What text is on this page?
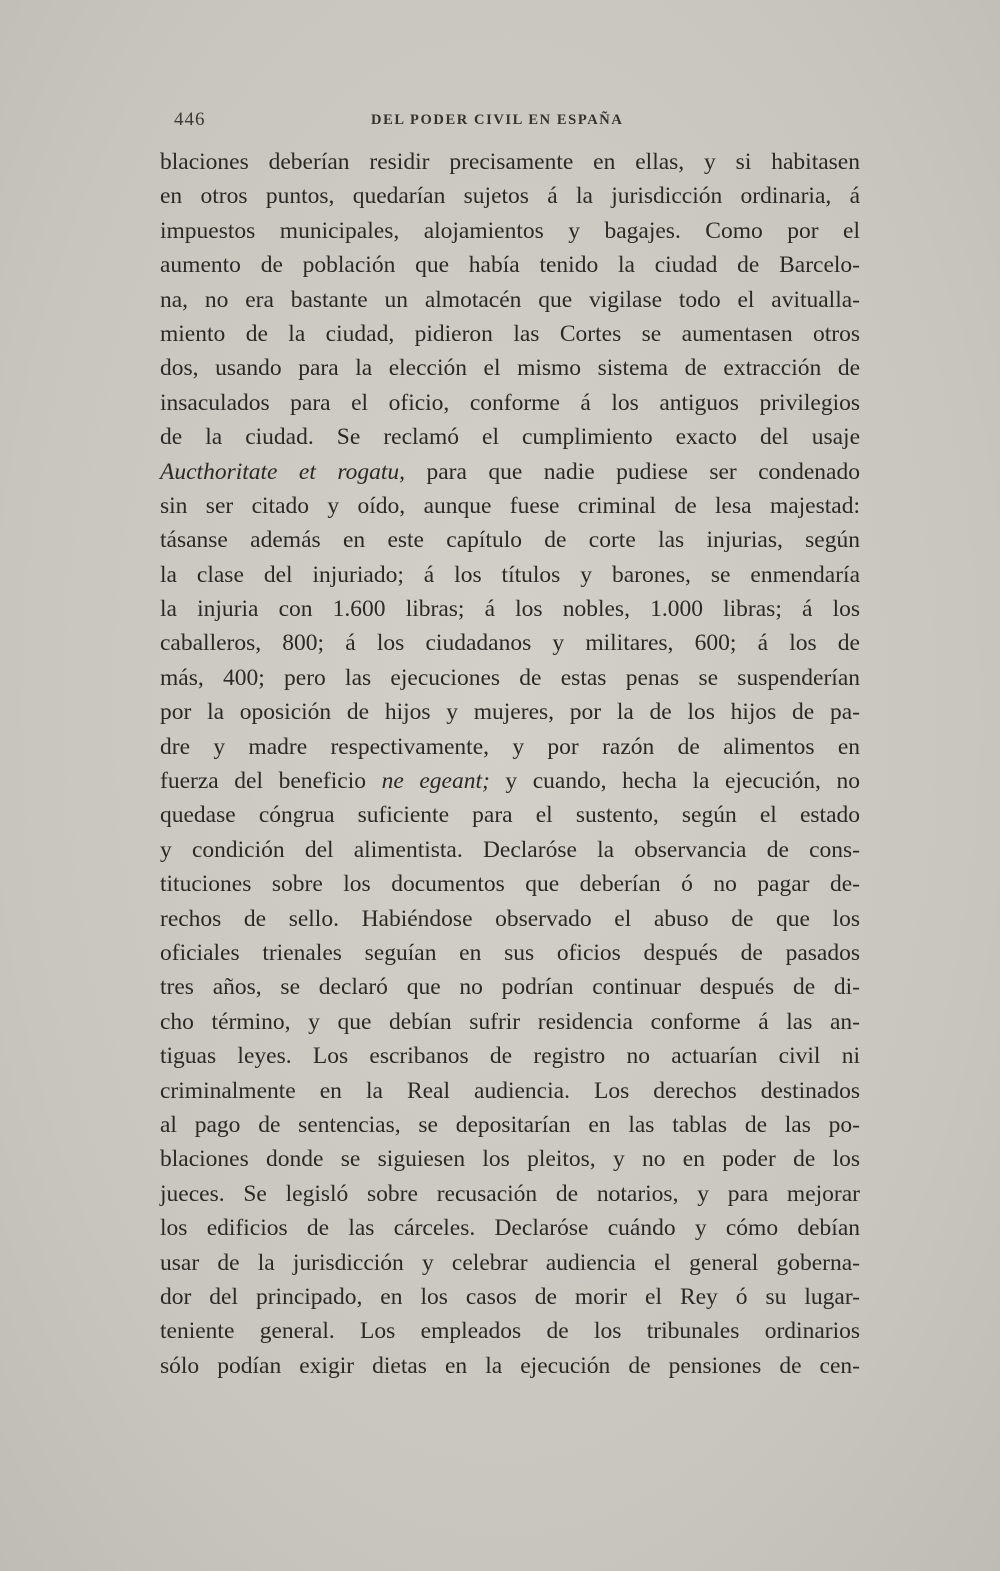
446	DEL PODER CIVIL EN ESPAÑA
blaciones deberían residir precisamente en ellas, y si habitasen
en otros puntos, quedarían sujetos á la jurisdicción ordinaria, á
impuestos municipales, alojamientos y bagajes. Como por el
aumento de población que había tenido la ciudad de Barcelo-
na, no era bastante un almotacén que vigilase todo el avitualla-
miento de la ciudad, pidieron las Cortes se aumentasen otros
dos, usando para la elección el mismo sistema de extracción de
insaculados para el oficio, conforme á los antiguos privilegios
de la ciudad. Se reclamó el cumplimiento exacto del usaje
Aucthoritate et rogatu, para que nadie pudiese ser condenado
sin ser citado y oído, aunque fuese criminal de lesa majestad:
tásanse además en este capítulo de corte las injurias, según
la clase del injuriado; á los títulos y barones, se enmendaría
la injuria con 1.600 libras; á los nobles, 1.000 libras; á los
caballeros, 800; á los ciudadanos y militares, 600; á los de
más, 400; pero las ejecuciones de estas penas se suspenderían
por la oposición de hijos y mujeres, por la de los hijos de pa-
dre y madre respectivamente, y por razón de alimentos en
fuerza del beneficio ne egeant; y cuando, hecha la ejecución, no
quedase cóngrua suficiente para el sustento, según el estado
y condición del alimentista. Declaróse la observancia de cons-
tituciones sobre los documentos que deberían ó no pagar de-
rechos de sello. Habiéndose observado el abuso de que los
oficiales trienales seguían en sus oficios después de pasados
tres años, se declaró que no podrían continuar después de di-
cho término, y que debían sufrir residencia conforme á las an-
tiguas leyes. Los escribanos de registro no actuarían civil ni
criminalmente en la Real audiencia. Los derechos destinados
al pago de sentencias, se depositarían en las tablas de las po-
blaciones donde se siguiesen los pleitos, y no en poder de los
jueces. Se legisló sobre recusación de notarios, y para mejorar
los edificios de las cárceles. Declaróse cuándo y cómo debían
usar de la jurisdicción y celebrar audiencia el general goberna-
dor del principado, en los casos de morir el Rey ó su lugar-
teniente general. Los empleados de los tribunales ordinarios
sólo podían exigir dietas en la ejecución de pensiones de cen-
